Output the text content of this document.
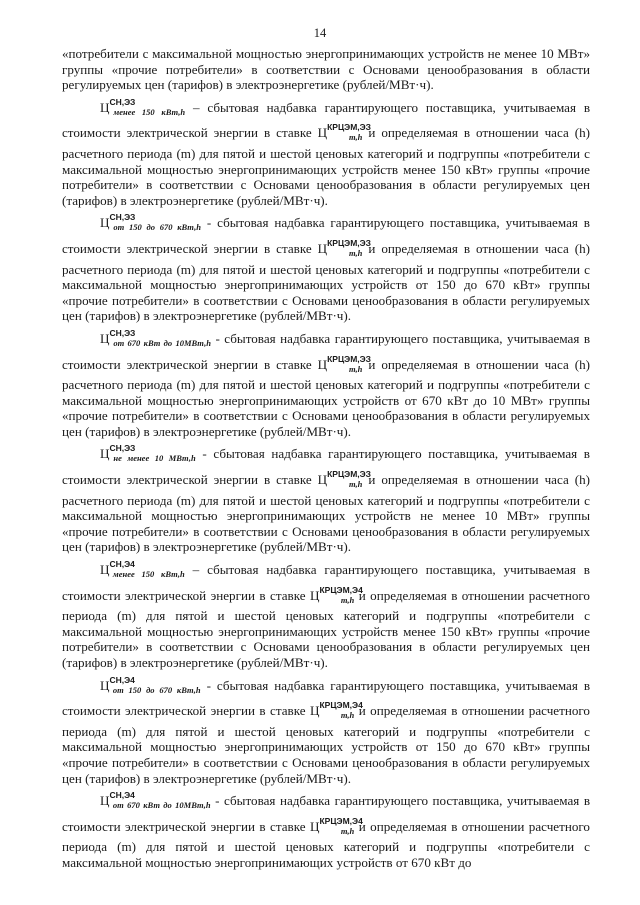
14

«потребители с максимальной мощностью энергопринимающих устройств не менее 10 МВт» группы «прочие потребители» в соответствии с Основами ценообразования в области регулируемых цен (тарифов) в электроэнергетике (рублей/МВт·ч).

$Ц^{СН,ЭЗ}_{менее 150 кВт,h}$ – сбытовая надбавка гарантирующего поставщика, учитываемая в стоимости электрической энергии в ставке $Ц^{КРЦЭМ,ЭЗ}_{m,h}$ и определяемая в отношении часа (h) расчетного периода (m) для пятой и шестой ценовых категорий и подгруппы «потребители с максимальной мощностью энергопринимающих устройств менее 150 кВт» группы «прочие потребители» в соответствии с Основами ценообразования в области регулируемых цен (тарифов) в электроэнергетике (рублей/МВт·ч).

$Ц^{СН,ЭЗ}_{от 150 до 670 кВт,h}$ - сбытовая надбавка гарантирующего поставщика, учитываемая в стоимости электрической энергии в ставке $Ц^{КРЦЭМ,ЭЗ}_{m,h}$ и определяемая в отношении часа (h) расчетного периода (m) для пятой и шестой ценовых категорий и подгруппы «потребители с максимальной мощностью энергопринимающих устройств от 150 до 670 кВт» группы «прочие потребители» в соответствии с Основами ценообразования в области регулируемых цен (тарифов) в электроэнергетике (рублей/МВт·ч).

$Ц^{СН,ЭЗ}_{от 670 кВт до 10МВт,h}$ - сбытовая надбавка гарантирующего поставщика, учитываемая в стоимости электрической энергии в ставке $Ц^{КРЦЭМ,ЭЗ}_{m,h}$ и определяемая в отношении часа (h) расчетного периода (m) для пятой и шестой ценовых категорий и подгруппы «потребители с максимальной мощностью энергопринимающих устройств от 670 кВт до 10 МВт» группы «прочие потребители» в соответствии с Основами ценообразования в области регулируемых цен (тарифов) в электроэнергетике (рублей/МВт·ч).

$Ц^{СН,ЭЗ}_{не менее 10 МВт,h}$ - сбытовая надбавка гарантирующего поставщика, учитываемая в стоимости электрической энергии в ставке $Ц^{КРЦЭМ,ЭЗ}_{m,h}$ и определяемая в отношении часа (h) расчетного периода (m) для пятой и шестой ценовых категорий и подгруппы «потребители с максимальной мощностью энергопринимающих устройств не менее 10 МВт» группы «прочие потребители» в соответствии с Основами ценообразования в области регулируемых цен (тарифов) в электроэнергетике (рублей/МВт·ч).

$Ц^{СН,Э4}_{менее 150 кВт,h}$ – сбытовая надбавка гарантирующего поставщика, учитываемая в стоимости электрической энергии в ставке $Ц^{КРЦЭМ,Э4}_{m,h}$ и определяемая в отношении расчетного периода (m) для пятой и шестой ценовых категорий и подгруппы «потребители с максимальной мощностью энергопринимающих устройств менее 150 кВт» группы «прочие потребители» в соответствии с Основами ценообразования в области регулируемых цен (тарифов) в электроэнергетике (рублей/МВт·ч).

$Ц^{СН,Э4}_{от 150 до 670 кВт,h}$ - сбытовая надбавка гарантирующего поставщика, учитываемая в стоимости электрической энергии в ставке $Ц^{КРЦЭМ,Э4}_{m,h}$ и определяемая в отношении расчетного периода (m) для пятой и шестой ценовых категорий и подгруппы «потребители с максимальной мощностью энергопринимающих устройств от 150 до 670 кВт» группы «прочие потребители» в соответствии с Основами ценообразования в области регулируемых цен (тарифов) в электроэнергетике (рублей/МВт·ч).

$Ц^{СН,Э4}_{от 670 кВт до 10МВт,h}$ - сбытовая надбавка гарантирующего поставщика, учитываемая в стоимости электрической энергии в ставке $Ц^{КРЦЭМ,Э4}_{m,h}$ и определяемая в отношении расчетного периода (m) для пятой и шестой ценовых категорий и подгруппы «потребители с максимальной мощностью энергопринимающих устройств от 670 кВт до
